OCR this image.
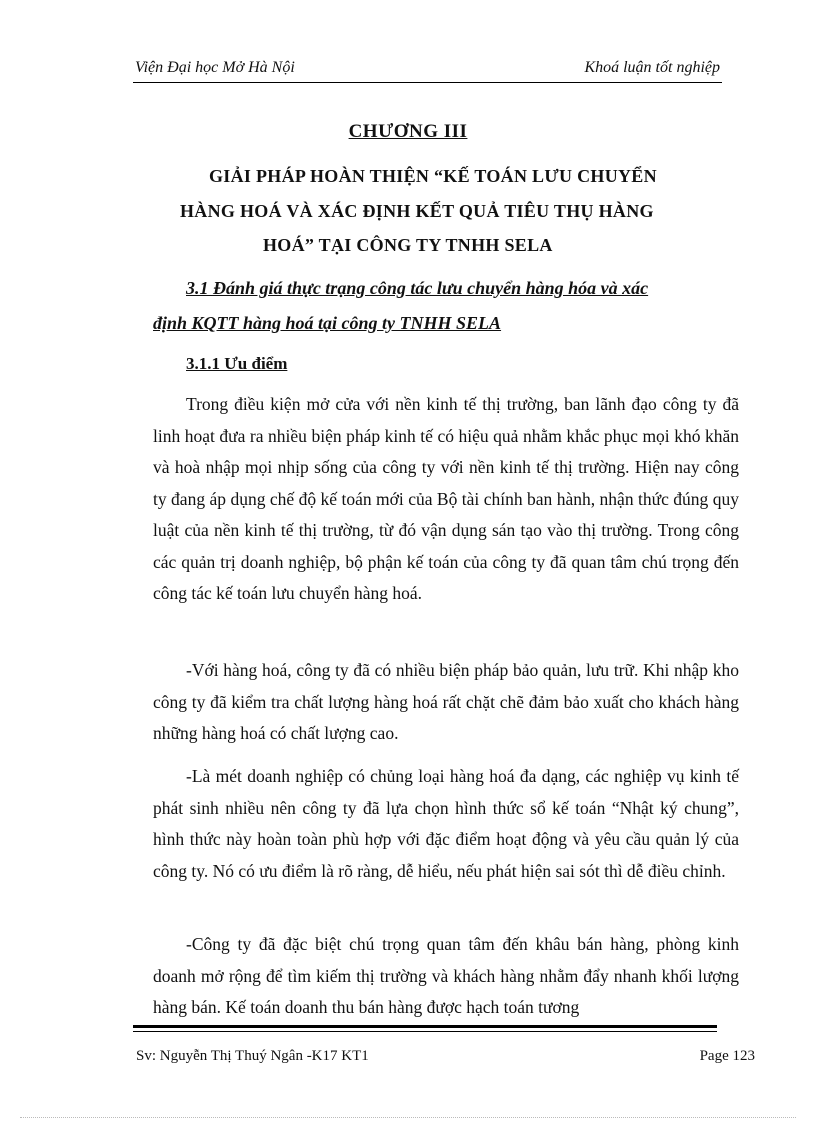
Viện Đại học Mở Hà Nội	Khoá luận tốt nghiệp
CHƯƠNG III
GIẢI PHÁP HOÀN THIỆN “KẾ TOÁN LƯU CHUYỂN
HÀNG HOÁ VÀ XÁC ĐỊNH KẾT QUẢ TIÊU THỤ HÀNG
HOÁ” TẠI CÔNG TY TNHH SELA
3.1 Đánh giá thực trạng công tác lưu chuyển hàng hóa và xác
định KQTT hàng hoá tại công ty TNHH SELA
3.1.1 Ưu điểm
Trong điều kiện mở cửa với nền kinh tế thị trường, ban lãnh đạo công ty đã linh hoạt đưa ra nhiều biện pháp kinh tế có hiệu quả nhằm khắc phục mọi khó khăn và hoà nhập mọi nhịp sống của công ty với nền kinh tế thị trường. Hiện nay công ty đang áp dụng chế độ kế toán mới của Bộ tài chính ban hành, nhận thức đúng quy luật của nền kinh tế thị trường, từ đó vận dụng sán tạo vào thị trường. Trong công các quản trị doanh nghiệp, bộ phận kế toán của công ty đã quan tâm chú trọng đến công tác kế toán lưu chuyển hàng hoá.
-Với hàng hoá, công ty đã có nhiều biện pháp bảo quản, lưu trữ. Khi nhập kho công ty đã kiểm tra chất lượng hàng hoá rất chặt chẽ đảm bảo xuất cho khách hàng những hàng hoá có chất lượng cao.
-Là mét doanh nghiệp có chủng loại hàng hoá đa dạng, các nghiệp vụ kinh tế phát sinh nhiều nên công ty đã lựa chọn hình thức sổ kế toán “Nhật ký chung”, hình thức này hoàn toàn phù hợp với đặc điểm hoạt động và yêu cầu quản lý của công ty. Nó có ưu điểm là rõ ràng, dễ hiểu, nếu phát hiện sai sót thì dễ điều chỉnh.
-Công ty đã đặc biệt chú trọng quan tâm đến khâu bán hàng, phòng kinh doanh mở rộng để tìm kiếm thị trường và khách hàng nhằm đẩy nhanh khối lượng hàng bán. Kế toán doanh thu bán hàng được hạch toán tương
Sv: Nguyễn Thị Thuý Ngân -K17 KT1	Page 123
